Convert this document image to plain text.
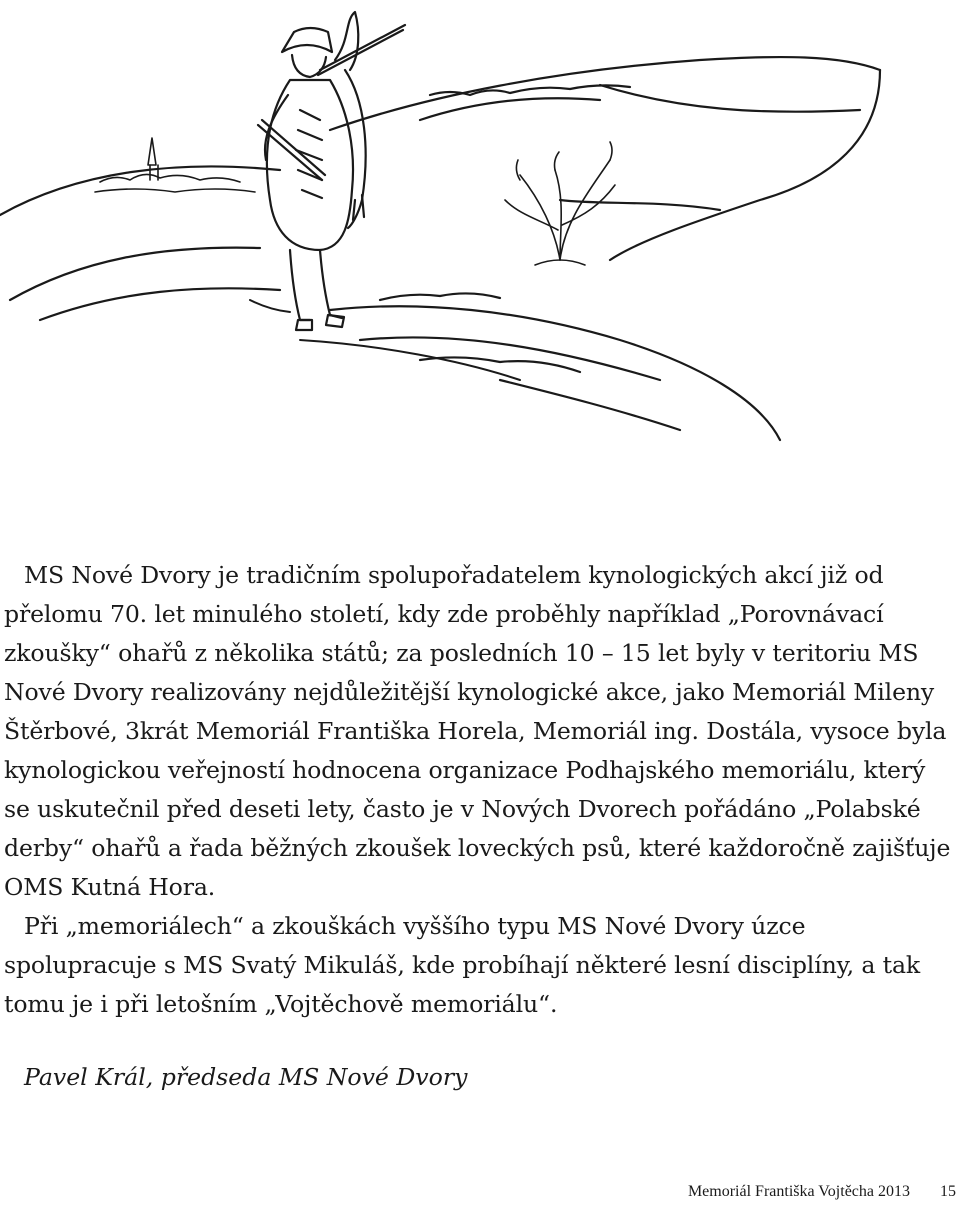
MS Nové Dvory je tradičním spolupořadatelem kynologických akcí již od přelomu 70. let minulého století, kdy zde proběhly například „Porovnávací zkoušky“ ohařů z několika států; za posledních 10 – 15 let byly v teritoriu MS Nové Dvory realizovány nejdůležitější kynologické akce, jako Memoriál Mileny Štěrbové, 3krát Memoriál Františka Horela, Memoriál ing. Dostála, vysoce byla kynologickou veřejností hodnocena organizace Podhajského memoriálu, který se uskutečnil před deseti lety, často je v Nových Dvorech pořádáno „Polabské derby“ ohařů a řada běžných zkoušek loveckých psů, které každoročně zajišťuje OMS Kutná Hora.

Při „memoriálech“ a zkouškách vyššího typu MS Nové Dvory úzce spolupracuje s MS Svatý Mikuláš, kde probíhají některé lesní disciplíny, a tak tomu je i při letošním „Vojtěchově memoriálu“.

Pavel Král, předseda MS Nové Dvory
Memoriál Františka Vojtěcha 2013 15
